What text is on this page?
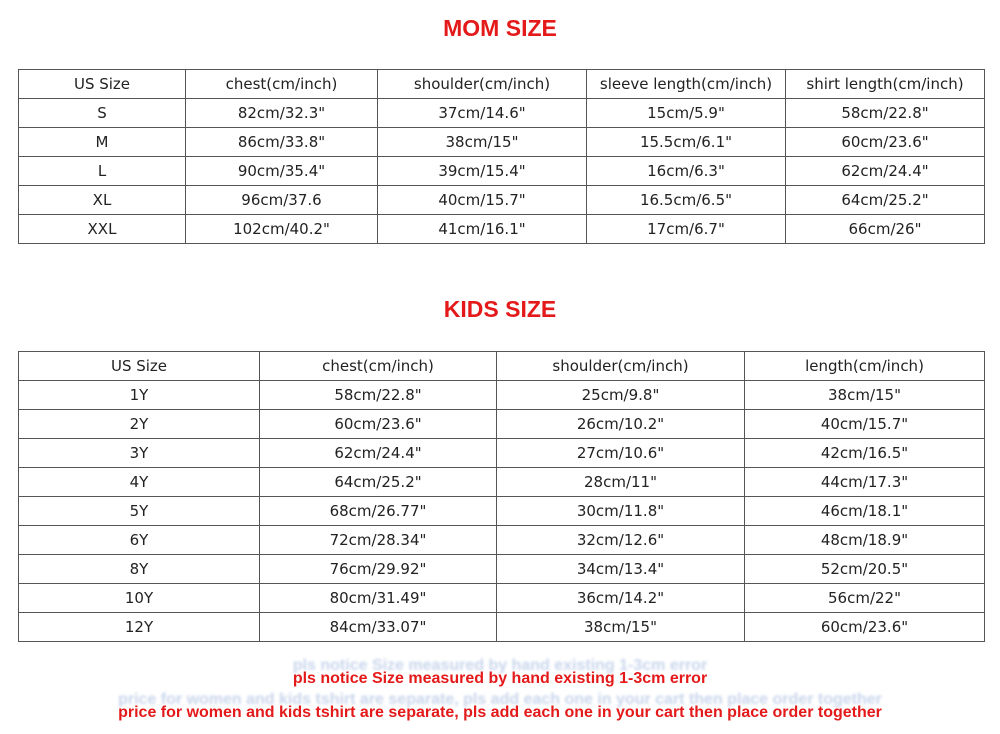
MOM SIZE
US Size	chest(cm/inch)	shoulder(cm/inch)	sleeve length(cm/inch)	shirt length(cm/inch)
S	82cm/32.3"	37cm/14.6"	15cm/5.9"	58cm/22.8"
M	86cm/33.8"	38cm/15"	15.5cm/6.1"	60cm/23.6"
L	90cm/35.4"	39cm/15.4"	16cm/6.3"	62cm/24.4"
XL	96cm/37.6	40cm/15.7"	16.5cm/6.5"	64cm/25.2"
XXL	102cm/40.2"	41cm/16.1"	17cm/6.7"	66cm/26"
KIDS SIZE
US Size	chest(cm/inch)	shoulder(cm/inch)	length(cm/inch)
1Y	58cm/22.8"	25cm/9.8"	38cm/15"
2Y	60cm/23.6"	26cm/10.2"	40cm/15.7"
3Y	62cm/24.4"	27cm/10.6"	42cm/16.5"
4Y	64cm/25.2"	28cm/11"	44cm/17.3"
5Y	68cm/26.77"	30cm/11.8"	46cm/18.1"
6Y	72cm/28.34"	32cm/12.6"	48cm/18.9"
8Y	76cm/29.92"	34cm/13.4"	52cm/20.5"
10Y	80cm/31.49"	36cm/14.2"	56cm/22"
12Y	84cm/33.07"	38cm/15"	60cm/23.6"
pls notice Size measured by hand existing 1-3cm error
pls notice Size measured by hand existing 1-3cm error
price for women and kids tshirt are separate, pls add each one in your cart then place order together
price for women and kids tshirt are separate, pls add each one in your cart then place order together
